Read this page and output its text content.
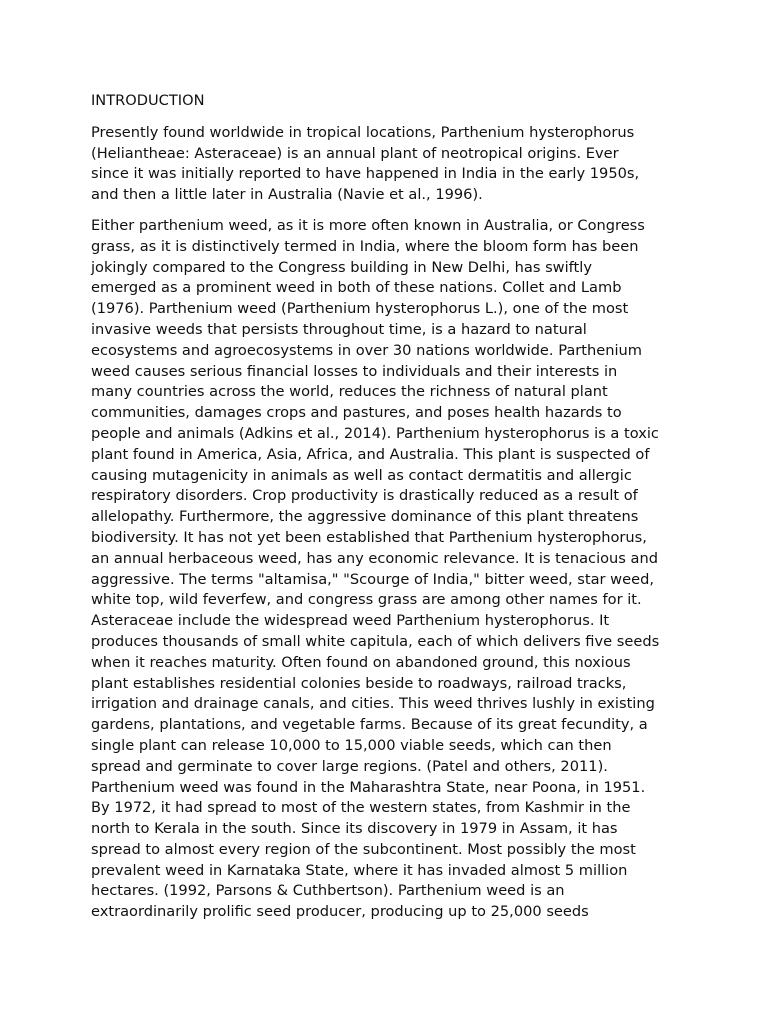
INTRODUCTION
Presently found worldwide in tropical locations, Parthenium hysterophorus
(Heliantheae: Asteraceae) is an annual plant of neotropical origins. Ever
since it was initially reported to have happened in India in the early 1950s,
and then a little later in Australia (Navie et al., 1996).
Either parthenium weed, as it is more often known in Australia, or Congress
grass, as it is distinctively termed in India, where the bloom form has been
jokingly compared to the Congress building in New Delhi, has swiftly
emerged as a prominent weed in both of these nations. Collet and Lamb
(1976). Parthenium weed (Parthenium hysterophorus L.), one of the most
invasive weeds that persists throughout time, is a hazard to natural
ecosystems and agroecosystems in over 30 nations worldwide. Parthenium
weed causes serious financial losses to individuals and their interests in
many countries across the world, reduces the richness of natural plant
communities, damages crops and pastures, and poses health hazards to
people and animals (Adkins et al., 2014). Parthenium hysterophorus is a toxic
plant found in America, Asia, Africa, and Australia. This plant is suspected of
causing mutagenicity in animals as well as contact dermatitis and allergic
respiratory disorders. Crop productivity is drastically reduced as a result of
allelopathy. Furthermore, the aggressive dominance of this plant threatens
biodiversity. It has not yet been established that Parthenium hysterophorus,
an annual herbaceous weed, has any economic relevance. It is tenacious and
aggressive. The terms "altamisa," "Scourge of India," bitter weed, star weed,
white top, wild feverfew, and congress grass are among other names for it.
Asteraceae include the widespread weed Parthenium hysterophorus. It
produces thousands of small white capitula, each of which delivers five seeds
when it reaches maturity. Often found on abandoned ground, this noxious
plant establishes residential colonies beside to roadways, railroad tracks,
irrigation and drainage canals, and cities. This weed thrives lushly in existing
gardens, plantations, and vegetable farms. Because of its great fecundity, a
single plant can release 10,000 to 15,000 viable seeds, which can then
spread and germinate to cover large regions. (Patel and others, 2011).
Parthenium weed was found in the Maharashtra State, near Poona, in 1951.
By 1972, it had spread to most of the western states, from Kashmir in the
north to Kerala in the south. Since its discovery in 1979 in Assam, it has
spread to almost every region of the subcontinent. Most possibly the most
prevalent weed in Karnataka State, where it has invaded almost 5 million
hectares. (1992, Parsons & Cuthbertson). Parthenium weed is an
extraordinarily prolific seed producer, producing up to 25,000 seeds
